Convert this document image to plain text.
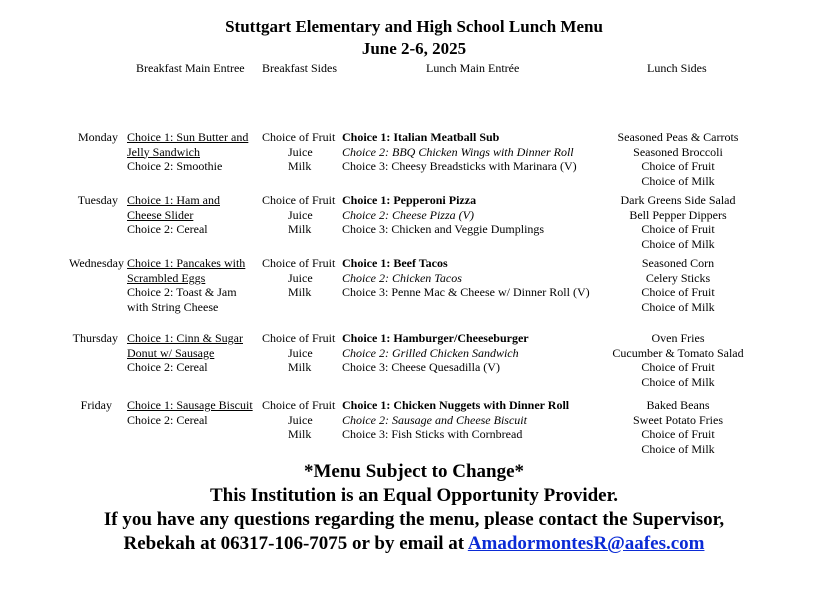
Stuttgart Elementary and High School Lunch Menu
June 2-6, 2025
Breakfast Main Entree Breakfast Sides	Lunch Main Entrée	Lunch Sides
Monday Choice 1: Sun Butter and
Jelly Sandwich
Choice 2: Smoothie
Choice of Fruit
Juice
Milk
Choice 1: Italian Meatball Sub
Choice 2: BBQ Chicken Wings with Dinner Roll
Choice 3: Cheesy Breadsticks with Marinara (V)
Seasoned Peas & Carrots
Seasoned Broccoli
Choice of Fruit
Choice of Milk
Tuesday Choice 1: Ham and
Cheese Slider
Choice 2: Cereal
Choice of Fruit
Juice
Milk
Choice 1: Pepperoni Pizza
Choice 2: Cheese Pizza (V)
Choice 3: Chicken and Veggie Dumplings
Dark Greens Side Salad
Bell Pepper Dippers
Choice of Fruit
Choice of Milk
Wednesday Choice 1: Pancakes with
Scrambled Eggs
Choice 2: Toast & Jam
with String Cheese
Choice of Fruit
Juice
Milk
Choice 1: Beef Tacos
Choice 2: Chicken Tacos
Choice 3: Penne Mac & Cheese w/ Dinner Roll (V)
Seasoned Corn
Celery Sticks
Choice of Fruit
Choice of Milk
Thursday Choice 1: Cinn & Sugar
Donut w/ Sausage
Choice 2: Cereal
Choice of Fruit
Juice
Milk
Choice 1: Hamburger/Cheeseburger
Choice 2: Grilled Chicken Sandwich
Choice 3: Cheese Quesadilla (V)
Oven Fries
Cucumber & Tomato Salad
Choice of Fruit
Choice of Milk
Friday Choice 1: Sausage Biscuit
Choice 2: Cereal
Choice of Fruit
Juice
Milk
Choice 1: Chicken Nuggets with Dinner Roll
Choice 2: Sausage and Cheese Biscuit
Choice 3: Fish Sticks with Cornbread
Baked Beans
Sweet Potato Fries
Choice of Fruit
Choice of Milk
*Menu Subject to Change*
This Institution is an Equal Opportunity Provider.
If you have any questions regarding the menu, please contact the Supervisor,
Rebekah at 06317-106-7075 or by email at AmadormontesR@aafes.com
